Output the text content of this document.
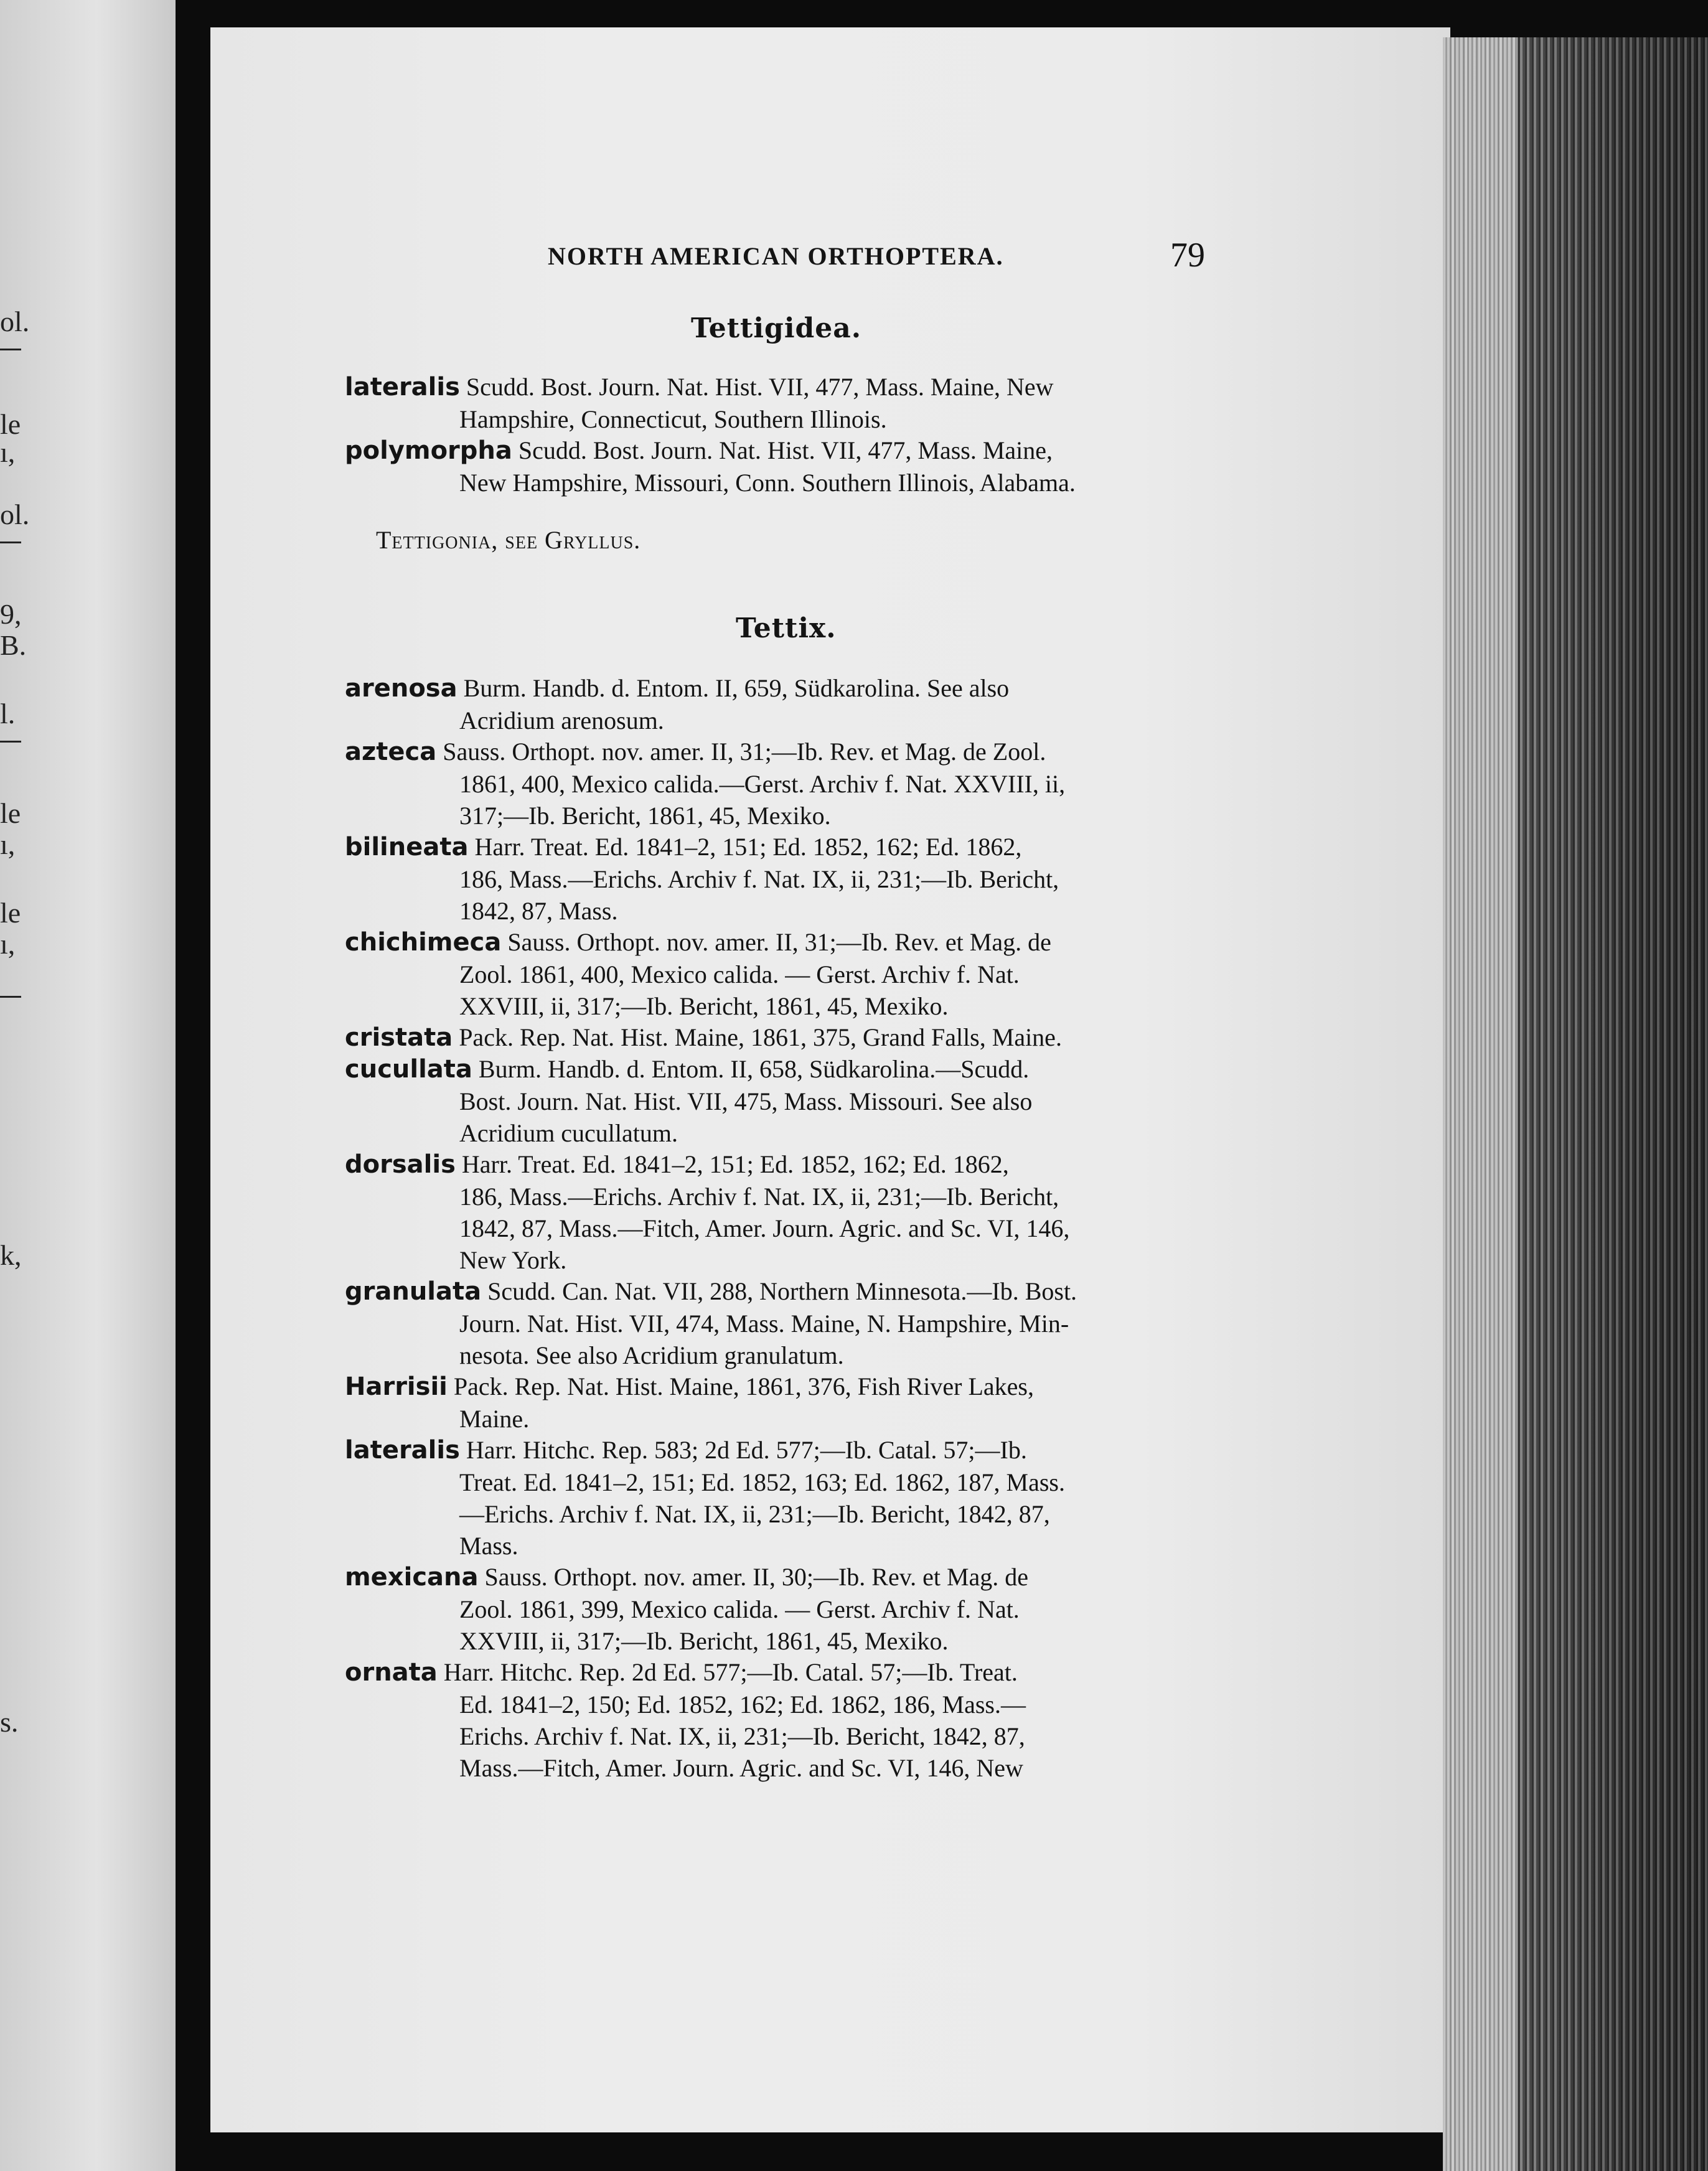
ol.
le
ı,
ol.
9,
B.
l.
le
ı,
le
ı,
k,
s.
NORTH AMERICAN ORTHOPTERA.	79
Tettigidea.
lateralis Scudd. Bost. Journ. Nat. Hist. VII, 477, Mass. Maine, New
Hampshire, Connecticut, Southern Illinois.
polymorpha Scudd. Bost. Journ. Nat. Hist. VII, 477, Mass. Maine,
New Hampshire, Missouri, Conn. Southern Illinois, Alabama.
Tettigonia, see Gryllus.
Tettix.
arenosa Burm. Handb. d. Entom. II, 659, Südkarolina. See also
Acridium arenosum.
azteca Sauss. Orthopt. nov. amer. II, 31;—Ib. Rev. et Mag. de Zool.
1861, 400, Mexico calida.—Gerst. Archiv f. Nat. XXVIII, ii,
317;—Ib. Bericht, 1861, 45, Mexiko.
bilineata Harr. Treat. Ed. 1841–2, 151; Ed. 1852, 162; Ed. 1862,
186, Mass.—Erichs. Archiv f. Nat. IX, ii, 231;—Ib. Bericht,
1842, 87, Mass.
chichimeca Sauss. Orthopt. nov. amer. II, 31;—Ib. Rev. et Mag. de
Zool. 1861, 400, Mexico calida. — Gerst. Archiv f. Nat.
XXVIII, ii, 317;—Ib. Bericht, 1861, 45, Mexiko.
cristata Pack. Rep. Nat. Hist. Maine, 1861, 375, Grand Falls, Maine.
cucullata Burm. Handb. d. Entom. II, 658, Südkarolina.—Scudd.
Bost. Journ. Nat. Hist. VII, 475, Mass. Missouri. See also
Acridium cucullatum.
dorsalis Harr. Treat. Ed. 1841–2, 151; Ed. 1852, 162; Ed. 1862,
186, Mass.—Erichs. Archiv f. Nat. IX, ii, 231;—Ib. Bericht,
1842, 87, Mass.—Fitch, Amer. Journ. Agric. and Sc. VI, 146,
New York.
granulata Scudd. Can. Nat. VII, 288, Northern Minnesota.—Ib. Bost.
Journ. Nat. Hist. VII, 474, Mass. Maine, N. Hampshire, Min-
nesota. See also Acridium granulatum.
Harrisii Pack. Rep. Nat. Hist. Maine, 1861, 376, Fish River Lakes,
Maine.
lateralis Harr. Hitchc. Rep. 583; 2d Ed. 577;—Ib. Catal. 57;—Ib.
Treat. Ed. 1841–2, 151; Ed. 1852, 163; Ed. 1862, 187, Mass.
—Erichs. Archiv f. Nat. IX, ii, 231;—Ib. Bericht, 1842, 87,
Mass.
mexicana Sauss. Orthopt. nov. amer. II, 30;—Ib. Rev. et Mag. de
Zool. 1861, 399, Mexico calida. — Gerst. Archiv f. Nat.
XXVIII, ii, 317;—Ib. Bericht, 1861, 45, Mexiko.
ornata Harr. Hitchc. Rep. 2d Ed. 577;—Ib. Catal. 57;—Ib. Treat.
Ed. 1841–2, 150; Ed. 1852, 162; Ed. 1862, 186, Mass.—
Erichs. Archiv f. Nat. IX, ii, 231;—Ib. Bericht, 1842, 87,
Mass.—Fitch, Amer. Journ. Agric. and Sc. VI, 146, New
